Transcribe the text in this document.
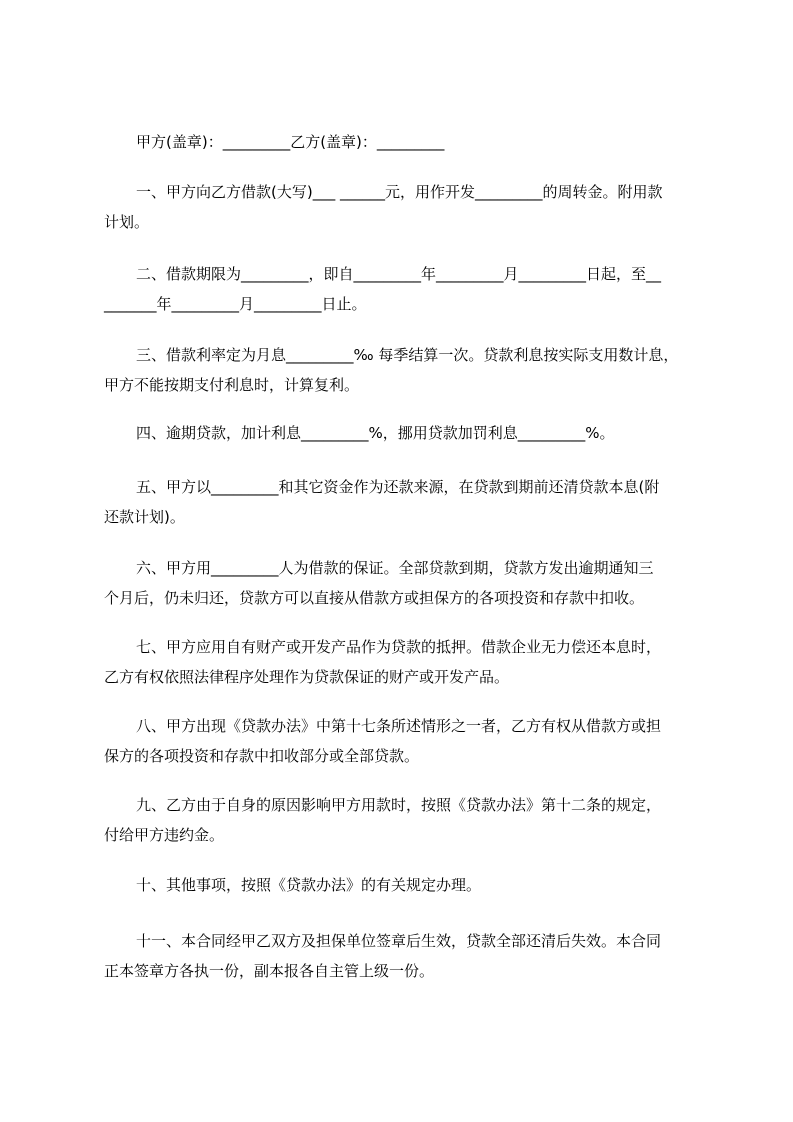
甲方(盖章)：_________乙方(盖章)：_________
一、甲方向乙方借款(大写)___ ______元，用作开发_________的周转金。附用款
计划。
二、借款期限为_________，即自_________年_________月_________日起，至__
_______年_________月_________日止。
三、借款利率定为月息_________‰ 每季结算一次。贷款利息按实际支用数计息，
甲方不能按期支付利息时，计算复利。
四、逾期贷款，加计利息_________%，挪用贷款加罚利息_________%。
五、甲方以_________和其它资金作为还款来源，在贷款到期前还清贷款本息(附
还款计划)。
六、甲方用_________人为借款的保证。全部贷款到期，贷款方发出逾期通知三
个月后，仍未归还，贷款方可以直接从借款方或担保方的各项投资和存款中扣收。
七、甲方应用自有财产或开发产品作为贷款的抵押。借款企业无力偿还本息时，
乙方有权依照法律程序处理作为贷款保证的财产或开发产品。
八、甲方出现《贷款办法》中第十七条所述情形之一者，乙方有权从借款方或担
保方的各项投资和存款中扣收部分或全部贷款。
九、乙方由于自身的原因影响甲方用款时，按照《贷款办法》第十二条的规定，
付给甲方违约金。
十、其他事项，按照《贷款办法》的有关规定办理。
十一、本合同经甲乙双方及担保单位签章后生效，贷款全部还清后失效。本合同
正本签章方各执一份，副本报各自主管上级一份。
